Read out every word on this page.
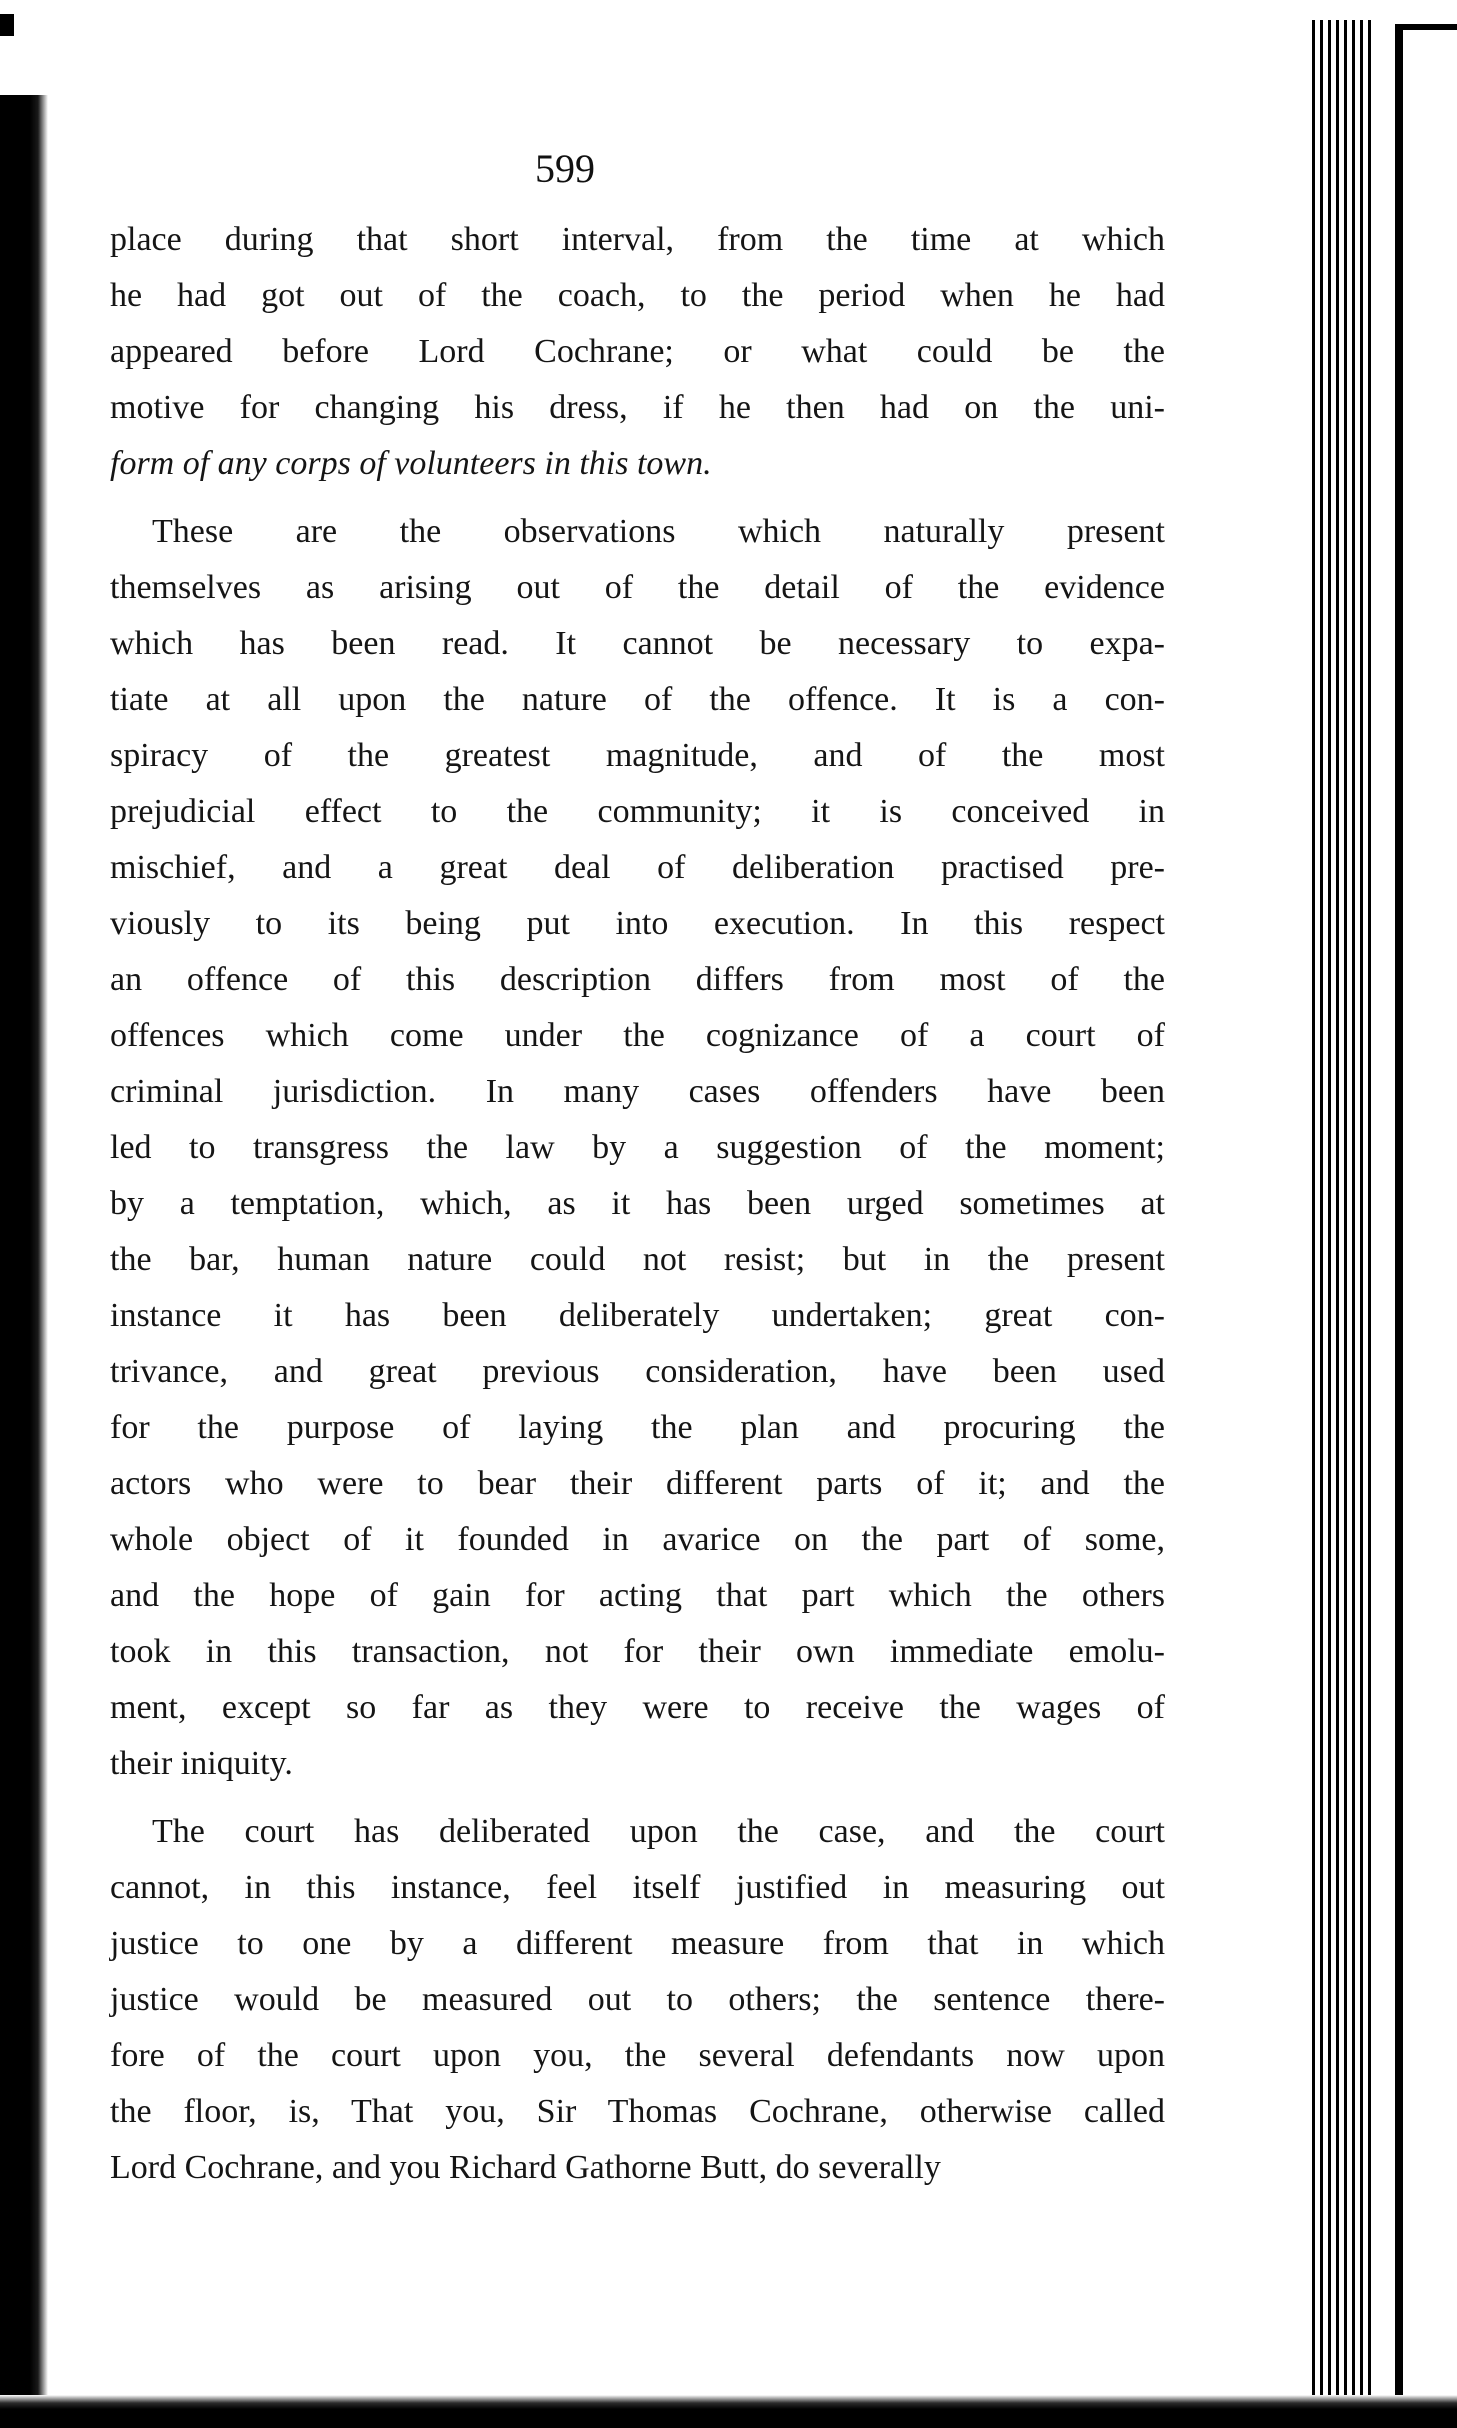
599
place during that short interval, from the time at which
he had got out of the coach, to the period when he had
appeared before Lord Cochrane; or what could be the
motive for changing his dress, if he then had on the uni-
form of any corps of volunteers in this town.
These are the observations which naturally present
themselves as arising out of the detail of the evidence
which has been read. It cannot be necessary to expa-
tiate at all upon the nature of the offence. It is a con-
spiracy of the greatest magnitude, and of the most
prejudicial effect to the community; it is conceived in
mischief, and a great deal of deliberation practised pre-
viously to its being put into execution. In this respect
an offence of this description differs from most of the
offences which come under the cognizance of a court of
criminal jurisdiction. In many cases offenders have been
led to transgress the law by a suggestion of the moment;
by a temptation, which, as it has been urged sometimes at
the bar, human nature could not resist; but in the present
instance it has been deliberately undertaken; great con-
trivance, and great previous consideration, have been used
for the purpose of laying the plan and procuring the
actors who were to bear their different parts of it; and the
whole object of it founded in avarice on the part of some,
and the hope of gain for acting that part which the others
took in this transaction, not for their own immediate emolu-
ment, except so far as they were to receive the wages of
their iniquity.
The court has deliberated upon the case, and the court
cannot, in this instance, feel itself justified in measuring out
justice to one by a different measure from that in which
justice would be measured out to others; the sentence there-
fore of the court upon you, the several defendants now upon
the floor, is, That you, Sir Thomas Cochrane, otherwise called
Lord Cochrane, and you Richard Gathorne Butt, do severally
